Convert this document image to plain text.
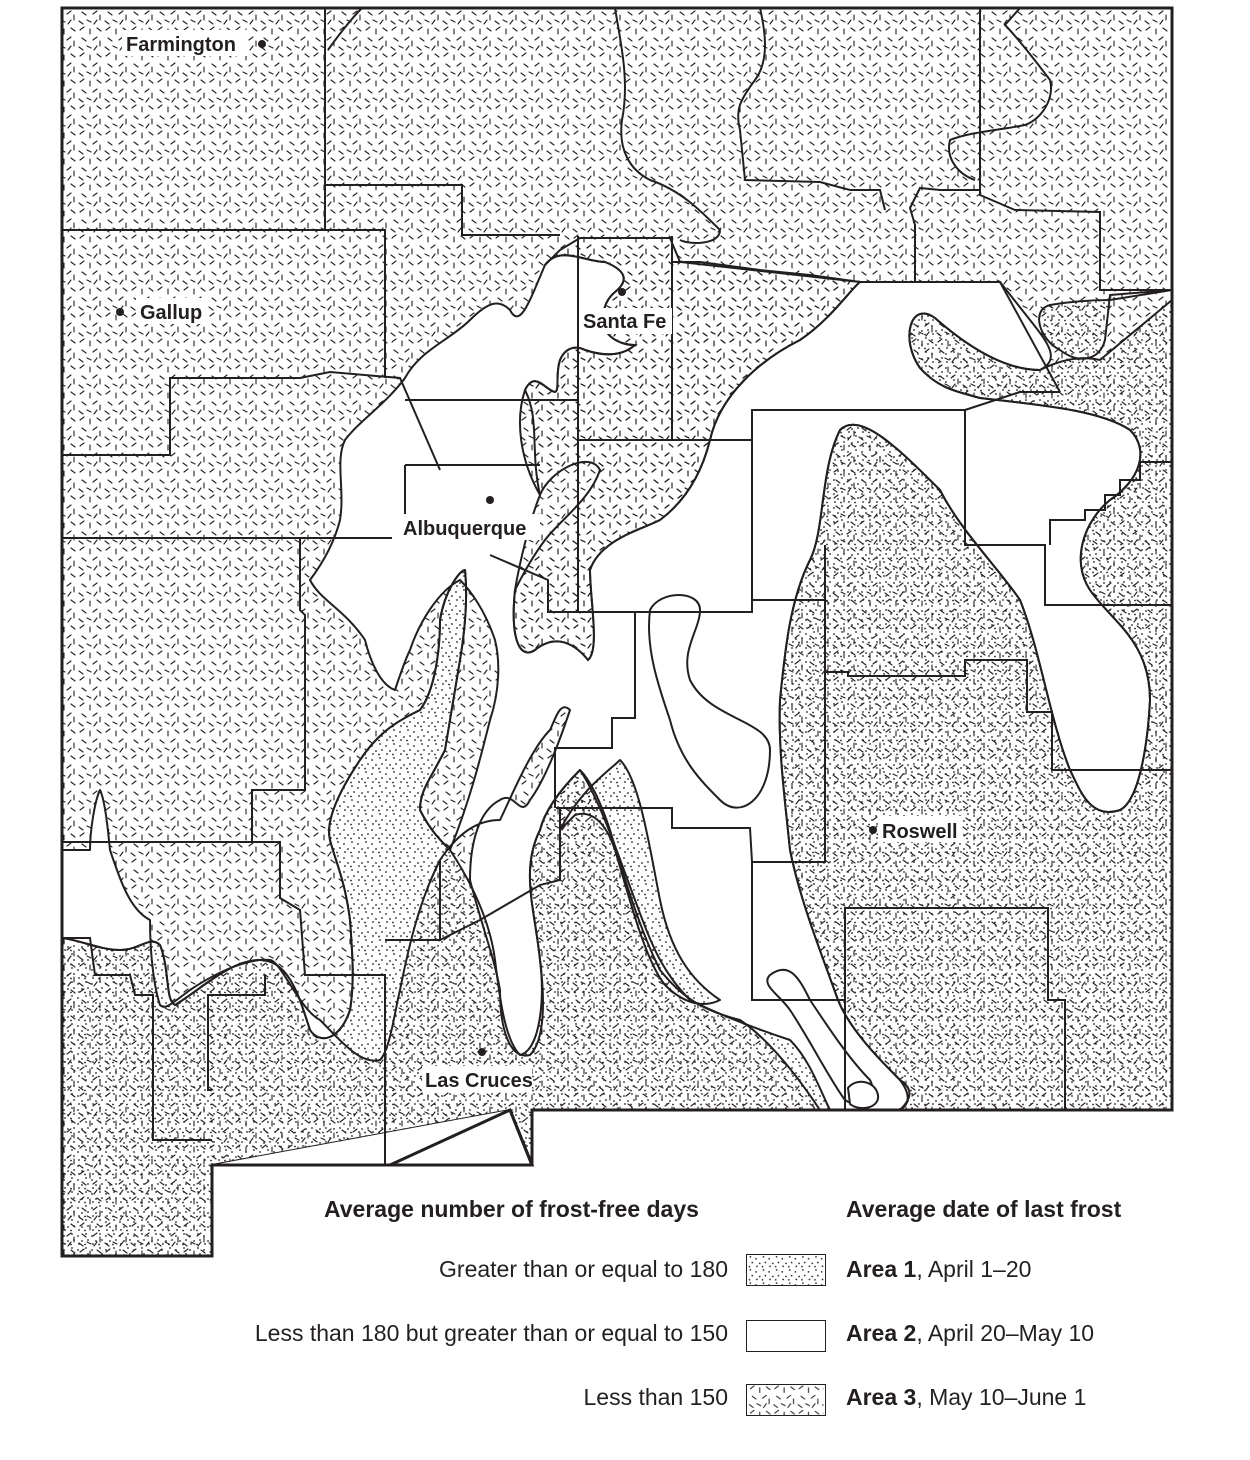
Farmington
Gallup	Santa Fe
Albuquerque
Roswell
Las Cruces
Average number of frost-free days	Average date of last frost
Greater than or equal to 180	Area 1, April 1–20
Less than 180 but greater than or equal to 150	Area 2, April 20–May 10
Less than 150	Area 3, May 10–June 1
